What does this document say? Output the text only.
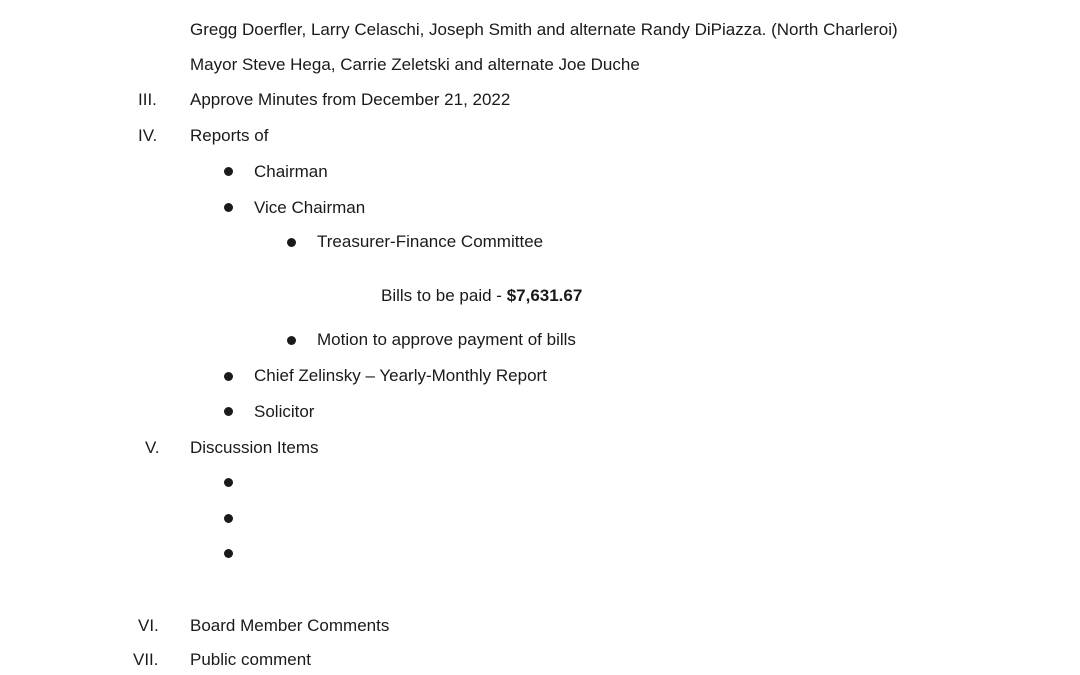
Gregg Doerfler, Larry Celaschi, Joseph Smith and alternate Randy DiPiazza. (North Charleroi)
Mayor Steve Hega, Carrie Zeletski and alternate Joe Duche
III. Approve Minutes from December 21, 2022
IV. Reports of
Chairman
Vice Chairman
Treasurer-Finance Committee
Bills to be paid - $7,631.67
Motion to approve payment of bills
Chief Zelinsky – Yearly-Monthly Report
Solicitor
V. Discussion Items
VI. Board Member Comments
VII. Public comment
